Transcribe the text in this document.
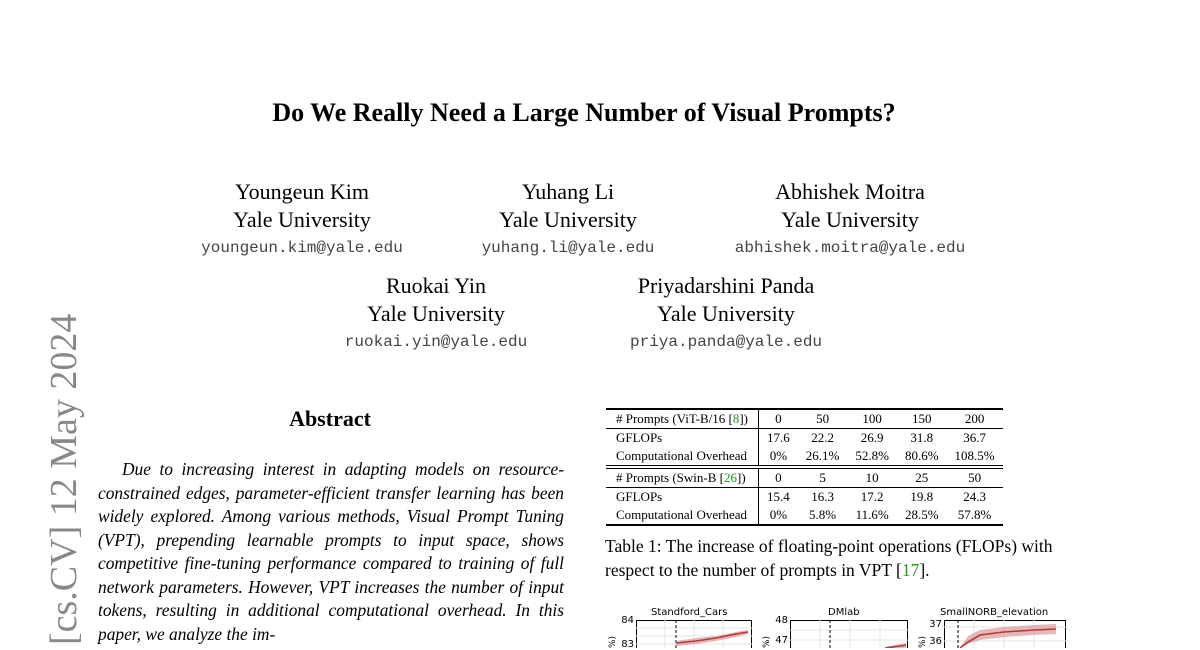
Do We Really Need a Large Number of Visual Prompts?
Youngeun Kim
Yale University
youngeun.kim@yale.edu
Yuhang Li
Yale University
yuhang.li@yale.edu
Abhishek Moitra
Yale University
abhishek.moitra@yale.edu
Ruokai Yin
Yale University
ruokai.yin@yale.edu
Priyadarshini Panda
Yale University
priya.panda@yale.edu
[cs.CV] 12 May 2024	Abstract

Due to increasing interest in adapting models on resource-constrained edges, parameter-efficient transfer learning has been widely explored. Among various methods, Visual Prompt Tuning (VPT), prepending learnable prompts to input space, shows competitive fine-tuning performance compared to training of full network parameters. However, VPT increases the number of input tokens, resulting in additional computational overhead. In this paper, we analyze the im-

# Prompts (ViT-B/16 [8])	0	50	100	150	200
GFLOPs	17.6	22.2	26.9	31.8	36.7
Computational Overhead	0%	26.1%	52.8%	80.6%	108.5%
# Prompts (Swin-B [26])	0	5	10	25	50
GFLOPs	15.4	16.3	17.2	19.8	24.3
Computational Overhead	0%	5.8%	11.6%	28.5%	57.8%
Table 1: The increase of floating-point operations (FLOPs) with respect to the number of prompts in VPT [17].
Standford_Cars
84
83
%)
DMlab
48
47
%)
SmallNORB_elevation
37
36
%)
